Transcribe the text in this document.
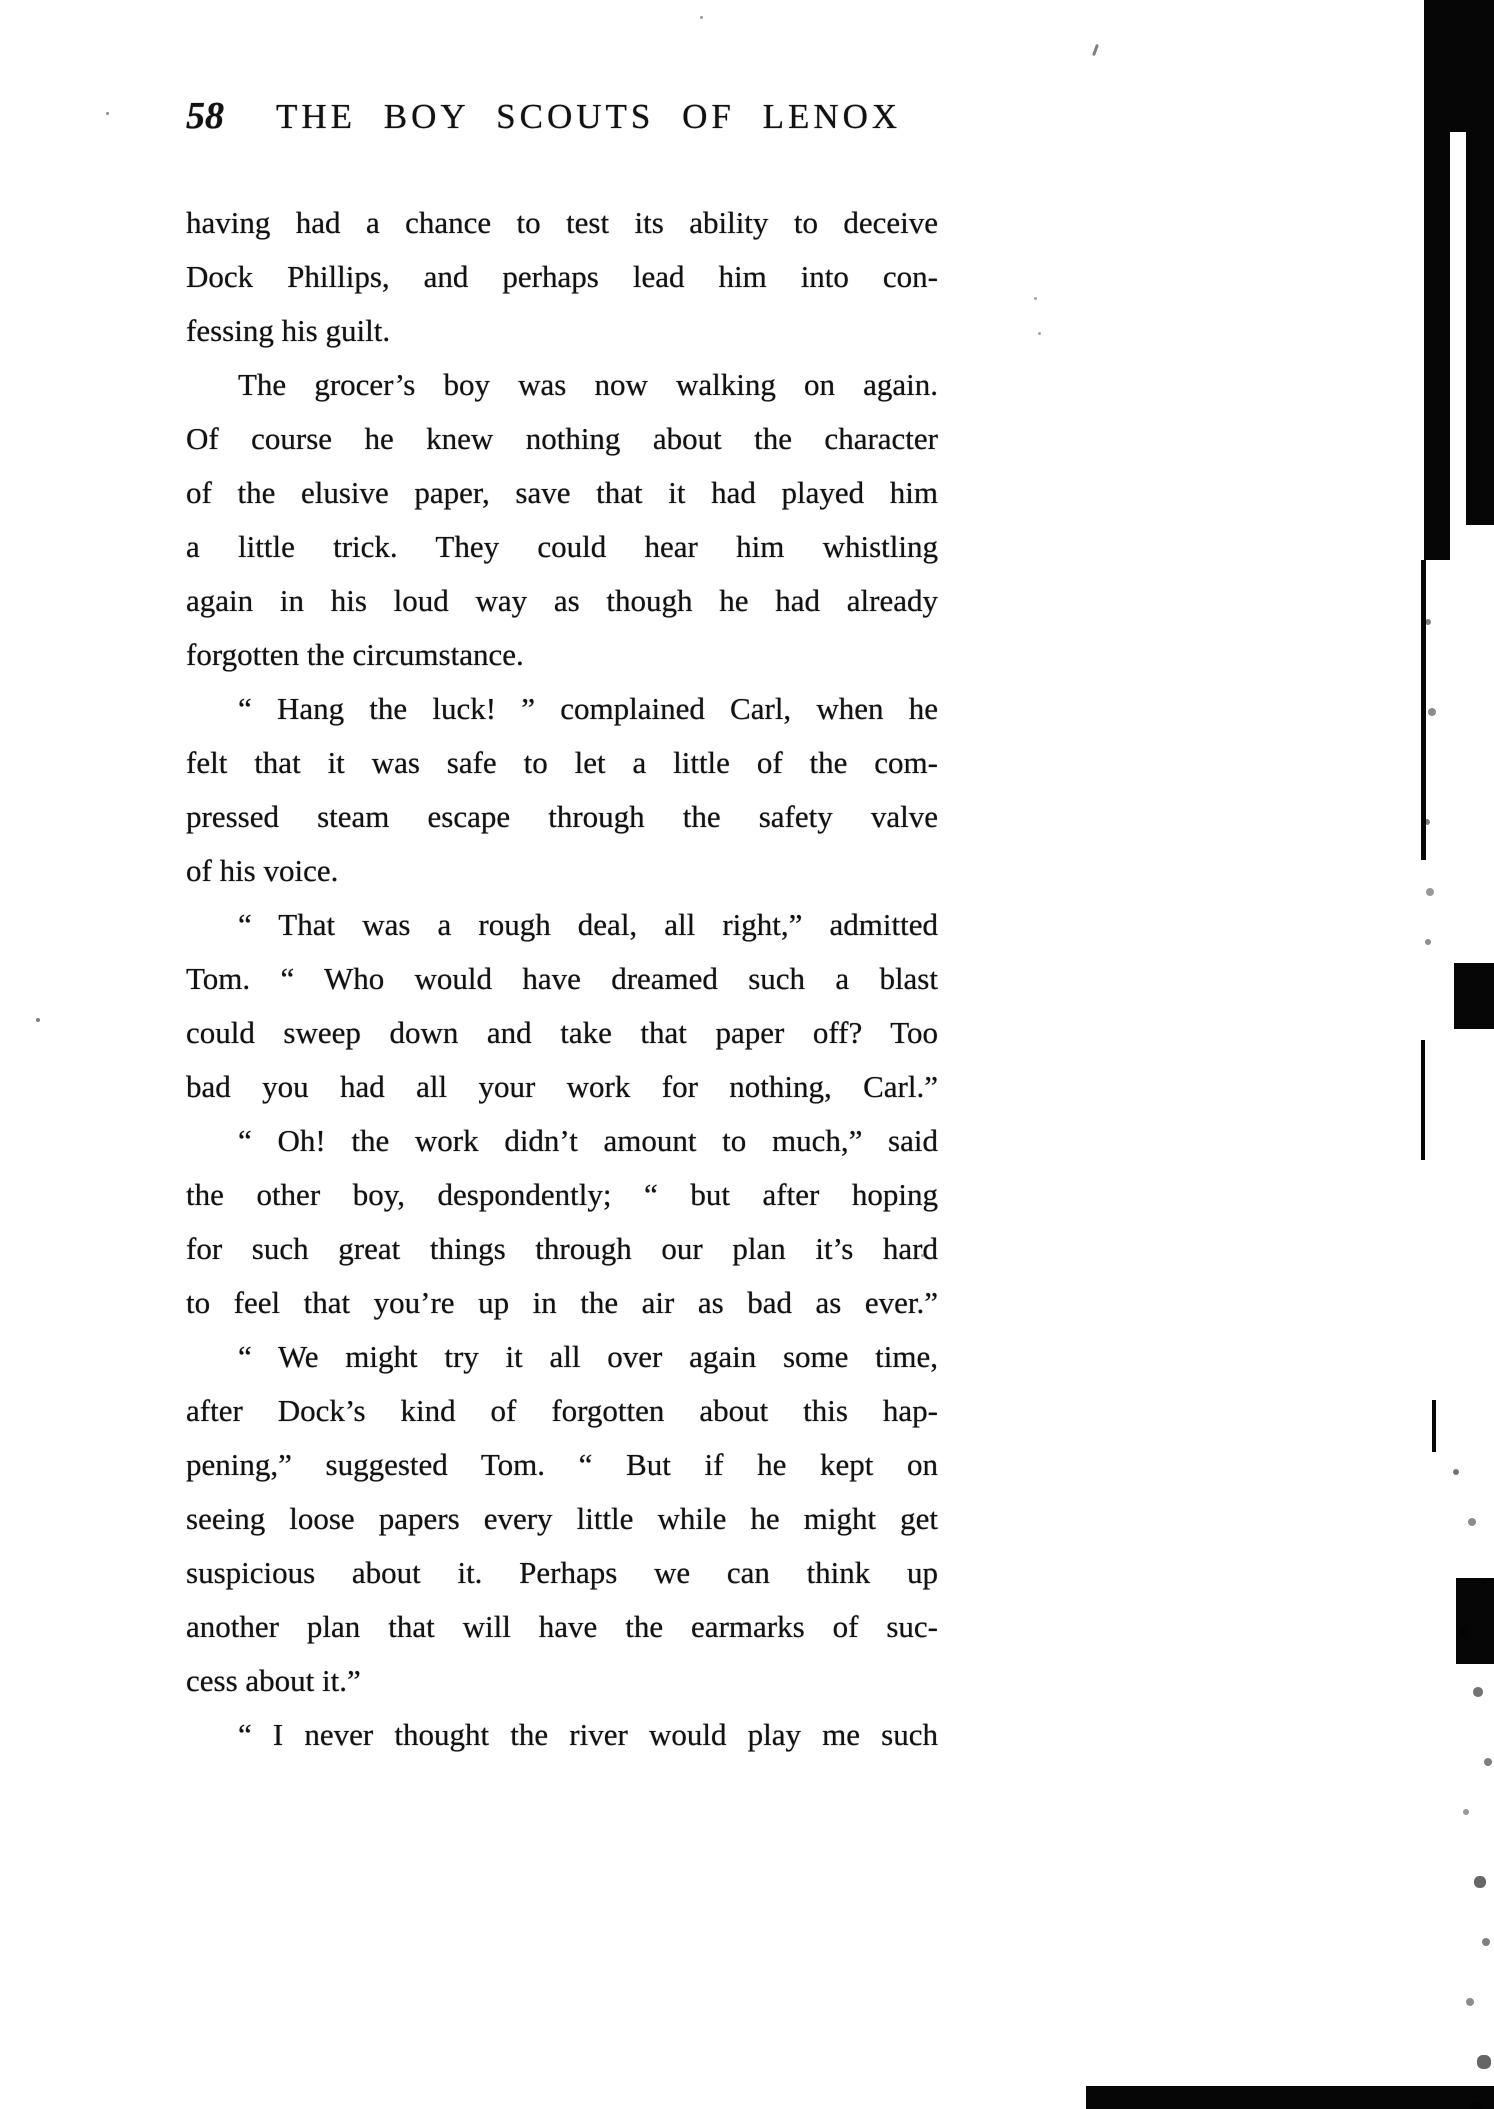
58 THE BOY SCOUTS OF LENOX
having had a chance to test its ability to deceive
Dock Phillips, and perhaps lead him into con-
fessing his guilt.
The grocer’s boy was now walking on again.
Of course he knew nothing about the character
of the elusive paper, save that it had played him
a little trick. They could hear him whistling
again in his loud way as though he had already
forgotten the circumstance.
“ Hang the luck! ” complained Carl, when he
felt that it was safe to let a little of the com-
pressed steam escape through the safety valve
of his voice.
“ That was a rough deal, all right,” admitted
Tom. “ Who would have dreamed such a blast
could sweep down and take that paper off? Too
bad you had all your work for nothing, Carl.”
“ Oh! the work didn’t amount to much,” said
the other boy, despondently; “ but after hoping
for such great things through our plan it’s hard
to feel that you’re up in the air as bad as ever.”
“ We might try it all over again some time,
after Dock’s kind of forgotten about this hap-
pening,” suggested Tom. “ But if he kept on
seeing loose papers every little while he might get
suspicious about it. Perhaps we can think up
another plan that will have the earmarks of suc-
cess about it.”
“ I never thought the river would play me such
